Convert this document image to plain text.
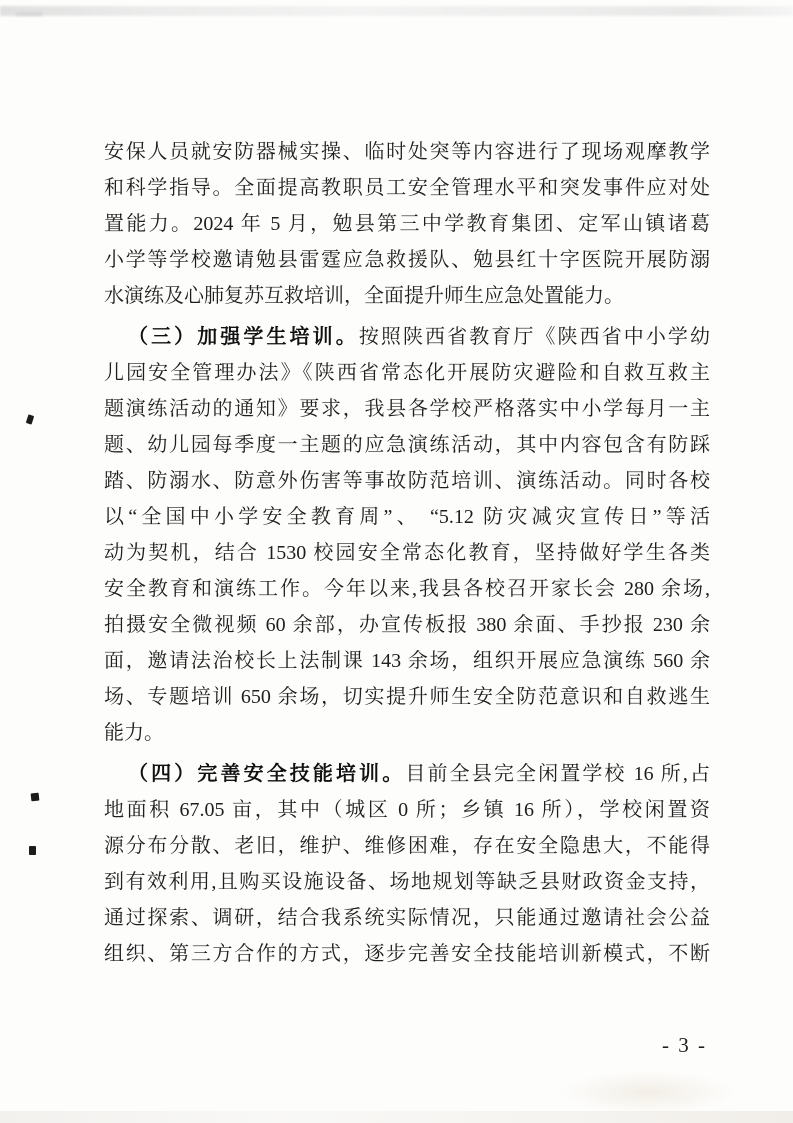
安保人员就安防器械实操、临时处突等内容进行了现场观摩教学
和科学指导。全面提高教职员工安全管理水平和突发事件应对处
置能力。2024 年 5 月，勉县第三中学教育集团、定军山镇诸葛
小学等学校邀请勉县雷霆应急救援队、勉县红十字医院开展防溺
水演练及心肺复苏互救培训，全面提升师生应急处置能力。
（三）加强学生培训。按照陕西省教育厅《陕西省中小学幼
儿园安全管理办法》《陕西省常态化开展防灾避险和自救互救主
题演练活动的通知》要求，我县各学校严格落实中小学每月一主
题、幼儿园每季度一主题的应急演练活动，其中内容包含有防踩
踏、防溺水、防意外伤害等事故防范培训、演练活动。同时各校
以“全国中小学安全教育周”、 “5.12 防灾减灾宣传日”等活
动为契机，结合 1530 校园安全常态化教育，坚持做好学生各类
安全教育和演练工作。今年以来,我县各校召开家长会 280 余场,
拍摄安全微视频 60 余部，办宣传板报 380 余面、手抄报 230 余
面，邀请法治校长上法制课 143 余场，组织开展应急演练 560 余
场、专题培训 650 余场，切实提升师生安全防范意识和自救逃生
能力。
（四）完善安全技能培训。目前全县完全闲置学校 16 所,占
地面积 67.05 亩，其中（城区 0 所；乡镇 16 所），学校闲置资
源分布分散、老旧，维护、维修困难，存在安全隐患大，不能得
到有效利用,且购买设施设备、场地规划等缺乏县财政资金支持，
通过探索、调研，结合我系统实际情况，只能通过邀请社会公益
组织、第三方合作的方式，逐步完善安全技能培训新模式，不断
- 3 -
